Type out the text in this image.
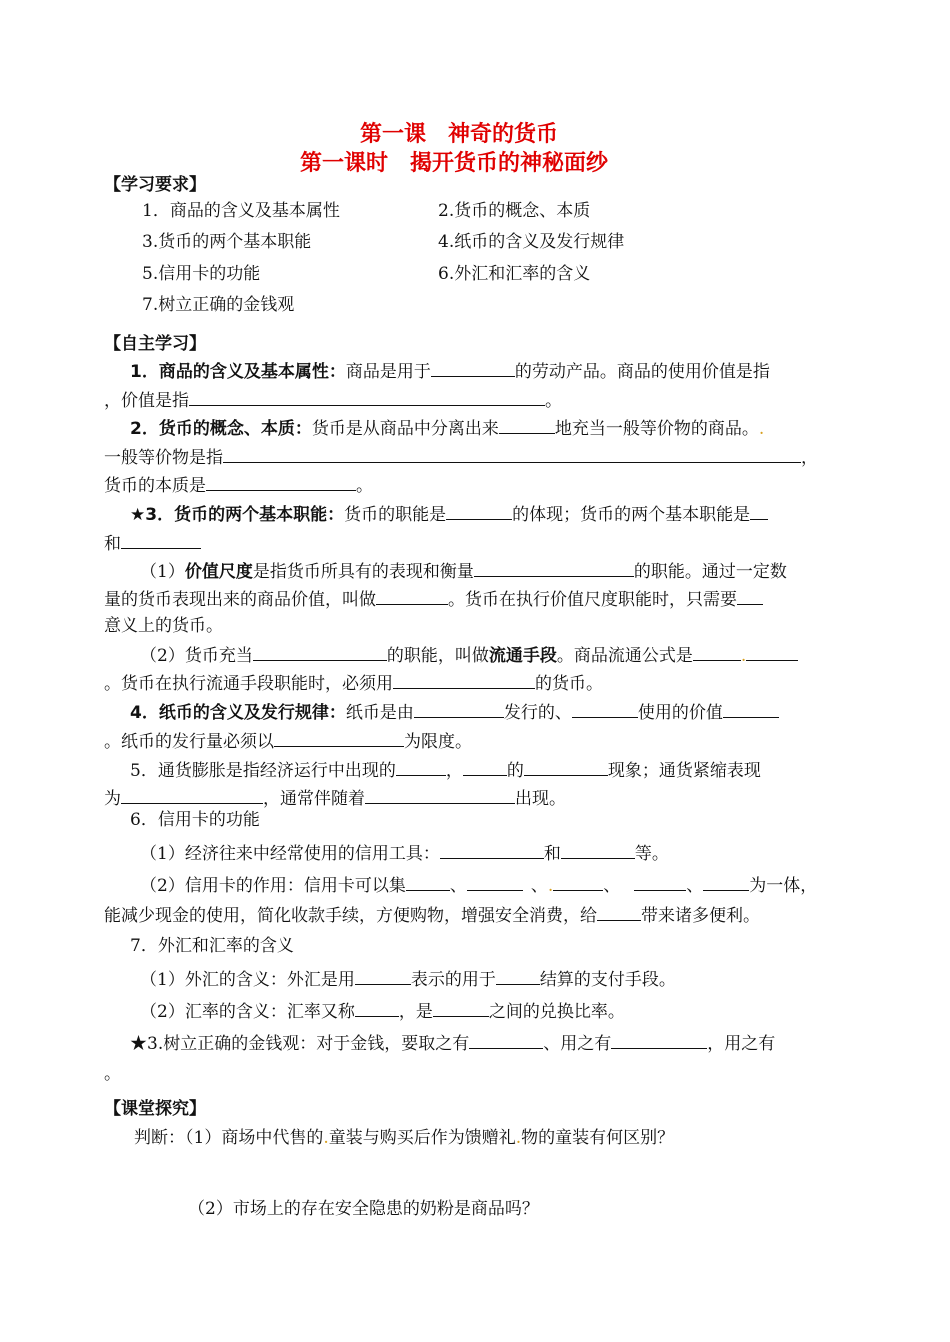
第一课　神奇的货币
第一课时　揭开货币的神秘面纱
【学习要求】
1．商品的含义及基本属性	2.货币的概念、本质
3.货币的两个基本职能	4.纸币的含义及发行规律
5.信用卡的功能	6.外汇和汇率的含义
7.树立正确的金钱观
【自主学习】
1．商品的含义及基本属性：商品是用于	的劳动产品。商品的使用价值是指
，价值是指	。
2．货币的概念、本质：货币是从商品中分离出来	地充当一般等价物的商品。.
一般等价物是指	，
货币的本质是	。
★3．货币的两个基本职能：货币的职能是	的体现；货币的两个基本职能是
和
（1）价值尺度是指货币所具有的表现和衡量	的职能。通过一定数
量的货币表现出来的商品价值，叫做	。货币在执行价值尺度职能时，只需要
意义上的货币。
（2）货币充当	的职能，叫做流通手段。商品流通公式是	.
。货币在执行流通手段职能时，必须用	的货币。
4．纸币的含义及发行规律：纸币是由	发行的、	使用的价值
。纸币的发行量必须以	为限度。
5．通货膨胀是指经济运行中出现的	，	的	现象；通货紧缩表现
为	，通常伴随着	出现。
6．信用卡的功能
（1）经济往来中经常使用的信用工具：	和	等。
（2）信用卡的作用：信用卡可以集	、	、.	、	、	为一体，
能减少现金的使用，简化收款手续，方便购物，增强安全消费，给	带来诸多便利。
7．外汇和汇率的含义
（1）外汇的含义：外汇是用	表示的用于	结算的支付手段。
（2）汇率的含义：汇率又称	，是	之间的兑换比率。
★3.树立正确的金钱观：对于金钱，要取之有	、用之有	，用之有
。
【课堂探究】
判断：（1）商场中代售的.童装与购买后作为馈赠礼.物的童装有何区别？
（2）市场上的存在安全隐患的奶粉是商品吗？
